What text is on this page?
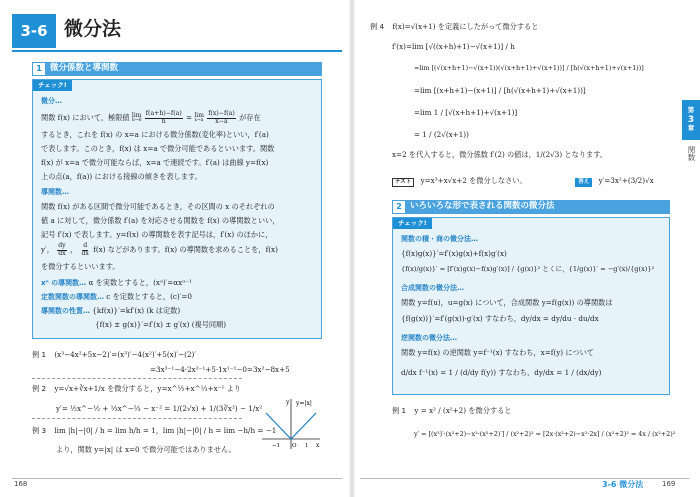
3-6 微分法
1 微分係数と導関数
チェック!
微分…
関数 f(x) において，極限値 lim
h→0
$\frac{f(a+h)-f(a)}{h} = \lim$
x→a
$\frac{f(x)-f(a)}{x-a}$ が存在
するとき，これを f(x) の x=a における微分係数(変化率)といい，f′(a)
で表します。このとき，f(x) は x=a で微分可能であるといいます。関数
f(x) が x=a で微分可能ならば，x=a で連続です。f′(a) は曲線 y=f(x)
上の点(a，f(a)) における接線の傾きを表します。
導関数…
関数 f(x) がある区間で微分可能であるとき，その区間の x のそれぞれの
値 a に対して，微分係数 f′(a) を対応させる関数を f(x) の導関数といい，
記号 f′(x) で表します。y=f(x) の導関数を表す記号は，f′(x) のほかに，
y′， $\frac{dy}{dx}$ ， $\frac{d}{dx} f(x)$ などがあります。f(x) の導関数を求めることを，f(x)
を微分するといいます。
xⁿ の導関数… α を実数とすると，(xᵅ)′=αxᵅ⁻¹
定数関数の導関数… c を定数とすると，(c)′=0
導関数の性質… {kf(x)}′=kf′(x) (k は定数)
{f(x) ± g(x)}′=f′(x) ± g′(x) (複号同順)
例 1 (x³−4x²+5x−2)′=(x³)′−4(x²)′+5(x)′−(2)′
=3x³⁻¹−4·2x²⁻¹+5·1x¹⁻¹−0=3x²−8x+5
例 2 y=√x+∛x+1/x を微分すると，y=x^½+x^⅓+x⁻¹ より
y′= ½x^−½ + ⅓x^−⅔ − x⁻² = 1/(2√x) + 1/(3∛x²) − 1/x²
例 3 lim |h|−|0| / h = lim h/h = 1，lim |h|−|0| / h = lim −h/h = −1
より，関数 y=|x| は x=0 で微分可能ではありません。
y=|x|
y
x
O
−1	1
168
例 4 f(x)=√(x+1) を定義にしたがって微分すると
f′(x)=lim [√((x+h)+1)−√(x+1)] / h
=lim [(√(x+h+1)−√(x+1))(√(x+h+1)+√(x+1))] / [h(√(x+h+1)+√(x+1))]
=lim [(x+h+1)−(x+1)] / [h(√(x+h+1)+√(x+1))]
=lim 1 / [√(x+h+1)+√(x+1)]
= 1 / (2√(x+1))
x=2 を代入すると，微分係数 f′(2) の値は，1/(2√3) となります。
テスト y=x³+x√x+2 を微分しなさい。	答え y′=3x²+(3/2)√x
2 いろいろな形で表される関数の微分法
チェック!
関数の積・商の微分法…
{f(x)g(x)}′=f′(x)g(x)+f(x)g′(x)
{f(x)/g(x)}′ = [f′(x)g(x)−f(x)g′(x)] / {g(x)}² とくに，{1/g(x)}′ = −g′(x)/{g(x)}²
合成関数の微分法…
関数 y=f(u)，u=g(x) について，合成関数 y=f(g(x)) の導関数は
{f(g(x))}′=f′(g(x))·g′(x) すなわち，dy/dx = dy/du · du/dx
逆関数の微分法…
関数 y=f(x) の逆関数 y=f⁻¹(x) すなわち，x=f(y) について
d/dx f⁻¹(x) = 1 / (d/dy f(y)) すなわち，dy/dx = 1 / (dx/dy)
例 1 y = x² / (x²+2) を微分すると
y′ = [(x²)′·(x²+2)−x²·(x²+2)′] / (x²+2)² = [2x·(x²+2)−x²·2x] / (x²+2)² = 4x / (x²+2)²
第
3
章
関数
3-6 微分法	169
